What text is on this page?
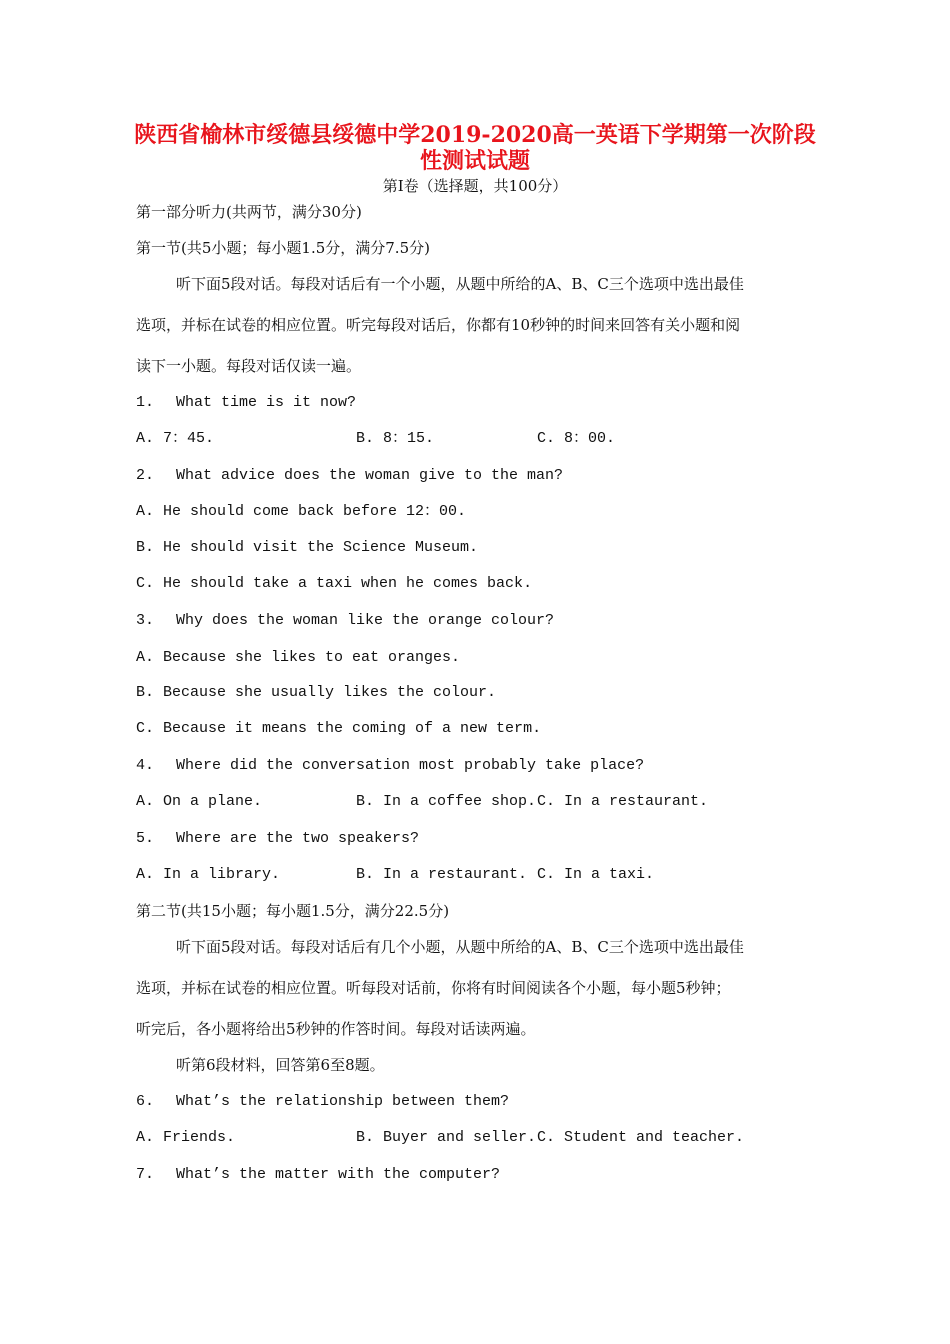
陕西省榆林市绥德县绥德中学2019-2020高一英语下学期第一次阶段
性测试试题
第I卷（选择题，共100分）
第一部分听力(共两节，满分30分)
第一节(共5小题；每小题1.5分，满分7.5分)
听下面5段对话。每段对话后有一个小题，从题中所给的A、B、C三个选项中选出最佳
选项，并标在试卷的相应位置。听完每段对话后，你都有10秒钟的时间来回答有关小题和阅
读下一小题。每段对话仅读一遍。
1. What time is it now?
A. 7：45.	B. 8：15.	C. 8：00.
2. What advice does the woman give to the man?
A. He should come back before 12：00.
B. He should visit the Science Museum.
C. He should take a taxi when he comes back.
3. Why does the woman like the orange colour?
A. Because she likes to eat oranges.
B. Because she usually likes the colour.
C. Because it means the coming of a new term.
4. Where did the conversation most probably take place?
A. On a plane.	B. In a coffee shop. C. In a restaurant.
5. Where are the two speakers?
A. In a library.	B. In a restaurant. C. In a taxi.
第二节(共15小题；每小题1.5分，满分22.5分)
听下面5段对话。每段对话后有几个小题，从题中所给的A、B、C三个选项中选出最佳
选项，并标在试卷的相应位置。听每段对话前，你将有时间阅读各个小题，每小题5秒钟；
听完后，各小题将给出5秒钟的作答时间。每段对话读两遍。
听第6段材料，回答第6至8题。
6. What’s the relationship between them?
A. Friends.	B. Buyer and seller. C. Student and teacher.
7. What’s the matter with the computer?
